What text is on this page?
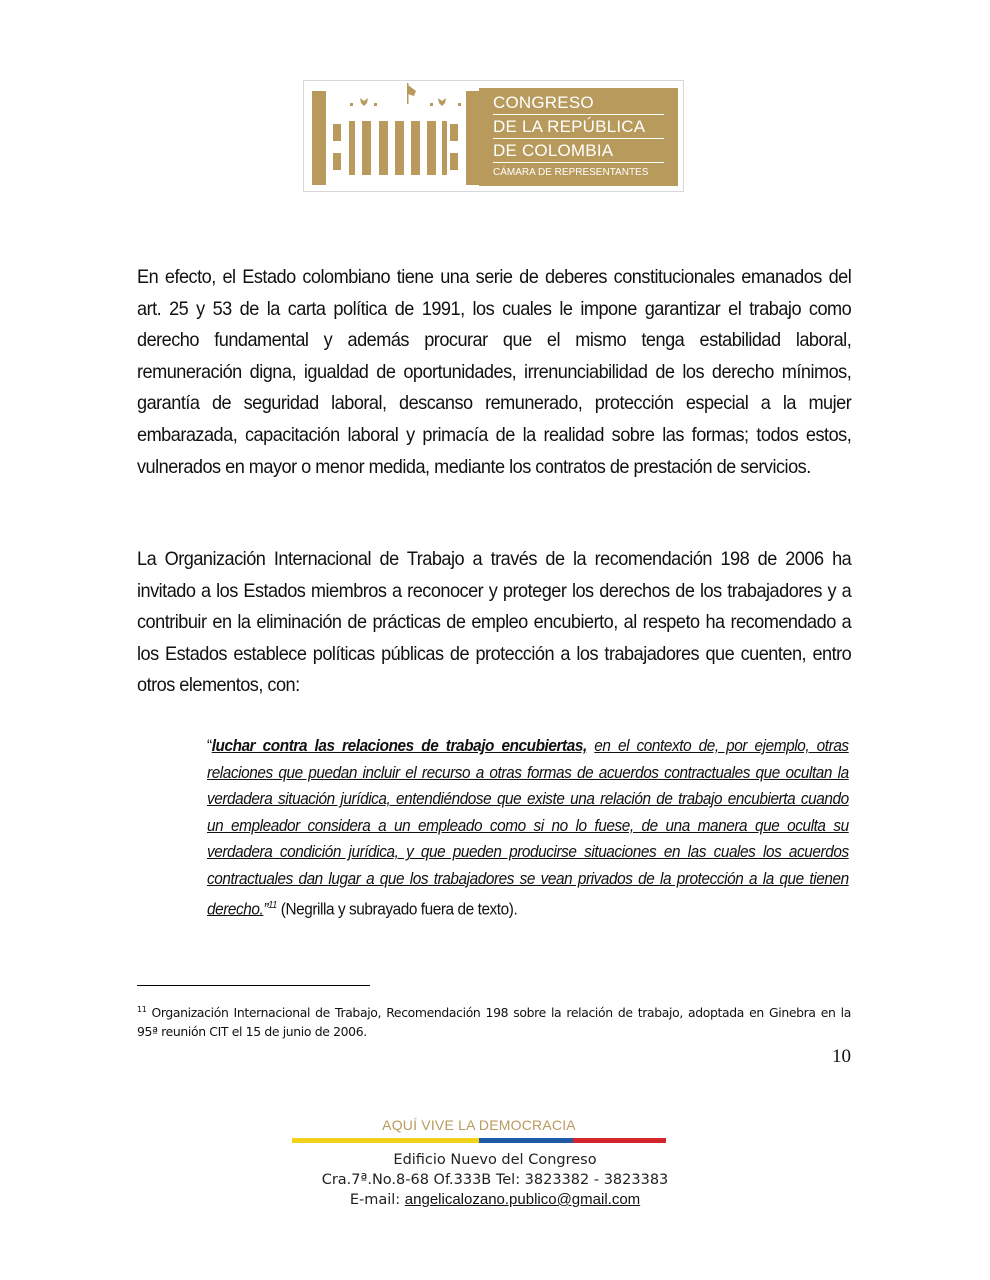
CONGRESO
DE LA REPÚBLICA
DE COLOMBIA
CÁMARA DE REPRESENTANTES

En efecto, el Estado colombiano tiene una serie de deberes constitucionales emanados del art. 25 y 53 de la carta política de 1991, los cuales le impone garantizar el trabajo como derecho fundamental y además procurar que el mismo tenga estabilidad laboral, remuneración digna, igualdad de oportunidades, irrenunciabilidad de los derecho mínimos, garantía de seguridad laboral, descanso remunerado, protección especial a la mujer embarazada, capacitación laboral y primacía de la realidad sobre las formas; todos estos, vulnerados en mayor o menor medida, mediante los contratos de prestación de servicios.

La Organización Internacional de Trabajo a través de la recomendación 198 de 2006 ha invitado a los Estados miembros a reconocer y proteger los derechos de los trabajadores y a contribuir en la eliminación de prácticas de empleo encubierto, al respeto ha recomendado a los Estados establece políticas públicas de protección a los trabajadores que cuenten, entro otros elementos, con:

“luchar contra las relaciones de trabajo encubiertas, en el contexto de, por ejemplo, otras relaciones que puedan incluir el recurso a otras formas de acuerdos contractuales que ocultan la verdadera situación jurídica, entendiéndose que existe una relación de trabajo encubierta cuando un empleador considera a un empleado como si no lo fuese, de una manera que oculta su verdadera condición jurídica, y que pueden producirse situaciones en las cuales los acuerdos contractuales dan lugar a que los trabajadores se vean privados de la protección a la que tienen derecho.”$^{11}$ (Negrilla y subrayado fuera de texto).
$^{11}$ Organización Internacional de Trabajo, Recomendación 198 sobre la relación de trabajo, adoptada en Ginebra en la 95ª reunión CIT el 15 de junio de 2006.
10
AQUÍ VIVE LA DEMOCRACIA
Edificio Nuevo del Congreso
Cra.7ª.No.8-68 Of.333B Tel: 3823382 - 3823383
E-mail: angelicalozano.publico@gmail.com
